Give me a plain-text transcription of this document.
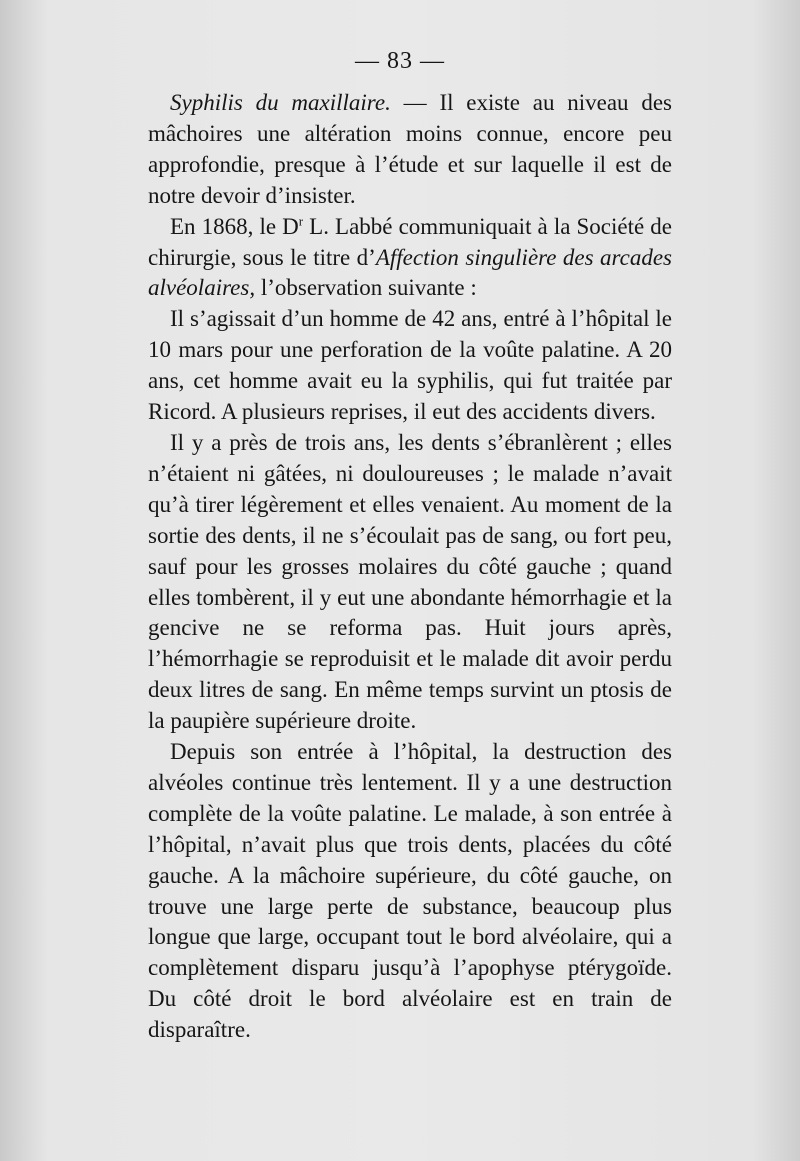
— 83 —

Syphilis du maxillaire. — Il existe au niveau des mâchoires une altération moins connue, encore peu approfondie, presque à l’étude et sur laquelle il est de notre devoir d’insister.

En 1868, le $D^r$ L. Labbé communiquait à la Société de chirurgie, sous le titre d’Affection singulière des arcades alvéolaires, l’observation suivante :

Il s’agissait d’un homme de 42 ans, entré à l’hôpital le 10 mars pour une perforation de la voûte palatine. A 20 ans, cet homme avait eu la syphilis, qui fut traitée par Ricord. A plusieurs reprises, il eut des accidents divers.

Il y a près de trois ans, les dents s’ébranlèrent ; elles n’étaient ni gâtées, ni douloureuses ; le malade n’avait qu’à tirer légèrement et elles venaient. Au moment de la sortie des dents, il ne s’écoulait pas de sang, ou fort peu, sauf pour les grosses molaires du côté gauche ; quand elles tombèrent, il y eut une abondante hémorrhagie et la gencive ne se reforma pas. Huit jours après, l’hémorrhagie se reproduisit et le malade dit avoir perdu deux litres de sang. En même temps survint un ptosis de la paupière supérieure droite.

Depuis son entrée à l’hôpital, la destruction des alvéoles continue très lentement. Il y a une destruction complète de la voûte palatine. Le malade, à son entrée à l’hôpital, n’avait plus que trois dents, placées du côté gauche. A la mâchoire supérieure, du côté gauche, on trouve une large perte de substance, beaucoup plus longue que large, occupant tout le bord alvéolaire, qui a complètement disparu jusqu’à l’apophyse ptérygoïde. Du côté droit le bord alvéolaire est en train de disparaître.
